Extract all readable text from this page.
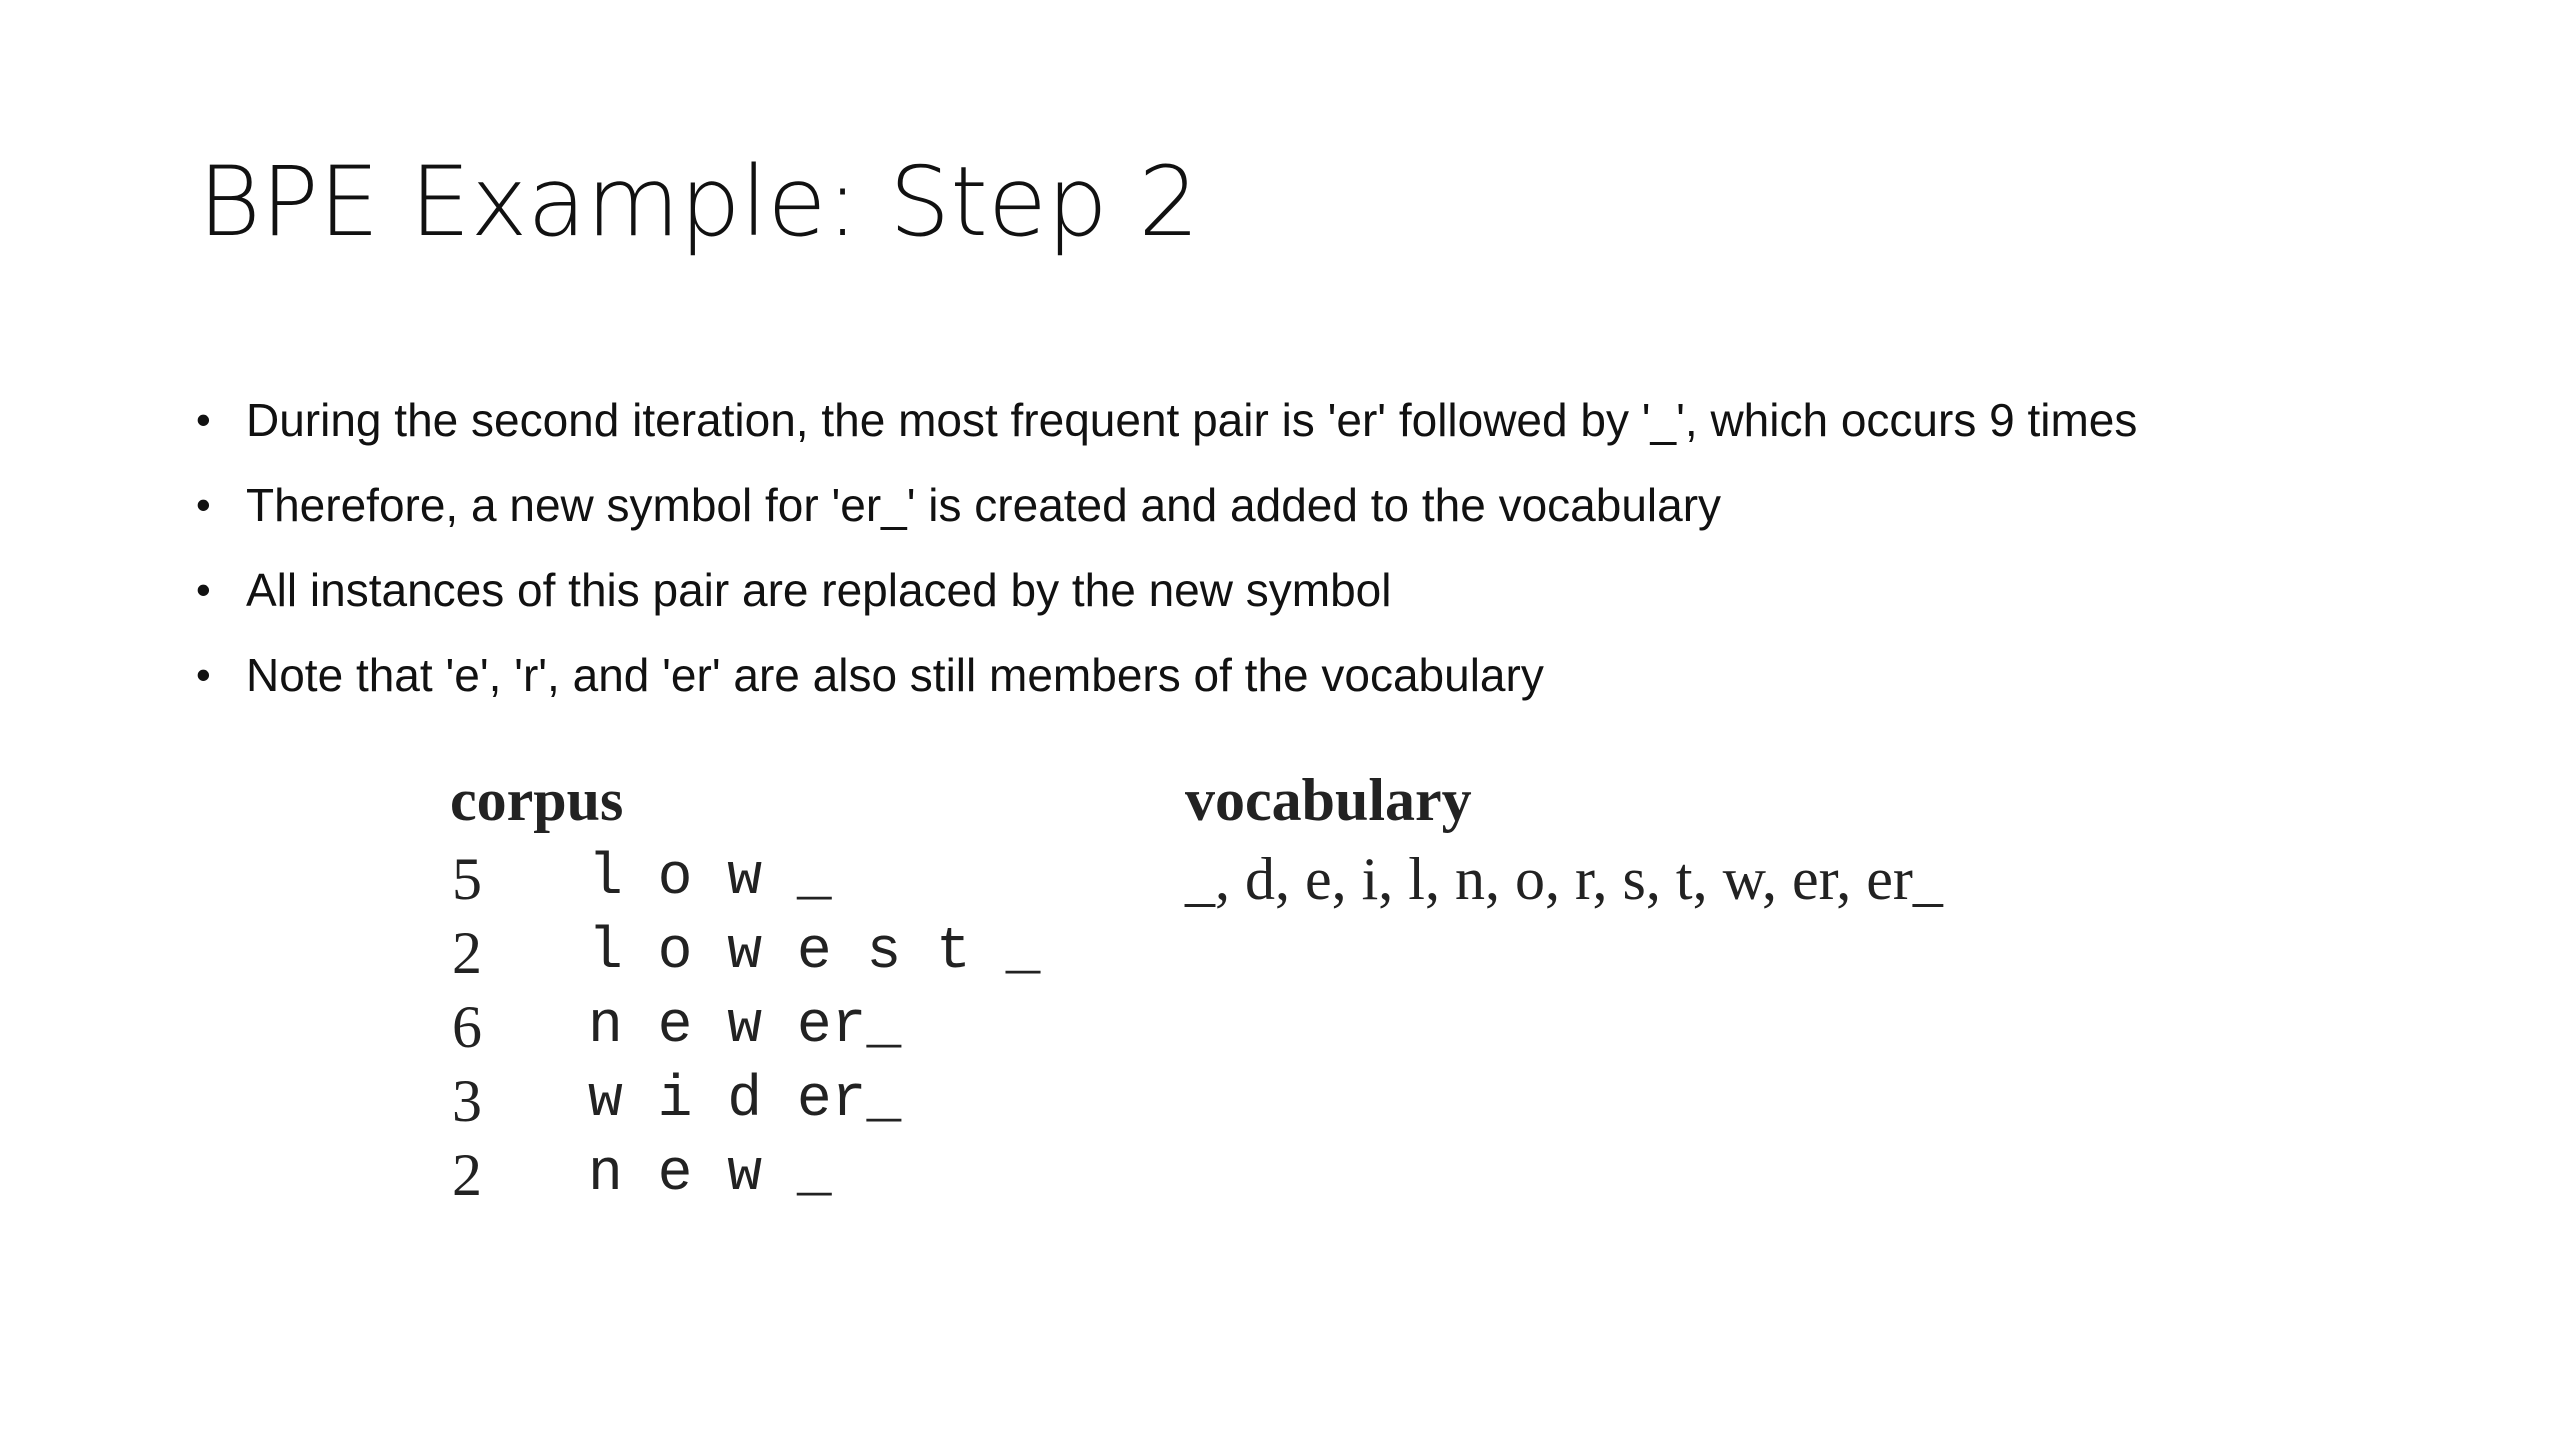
BPE Example: Step 2
• During the second iteration, the most frequent pair is 'er' followed by '_', which occurs 9 times
• Therefore, a new symbol for 'er_' is created and added to the vocabulary
• All instances of this pair are replaced by the new symbol
• Note that 'e', 'r', and 'er' are also still members of the vocabulary
corpus	vocabulary
5 l o w _
2 l o w e s t _
6 n e w er_
3 w i d er_
2 n e w _
_, d, e, i, l, n, o, r, s, t, w, er, er_
